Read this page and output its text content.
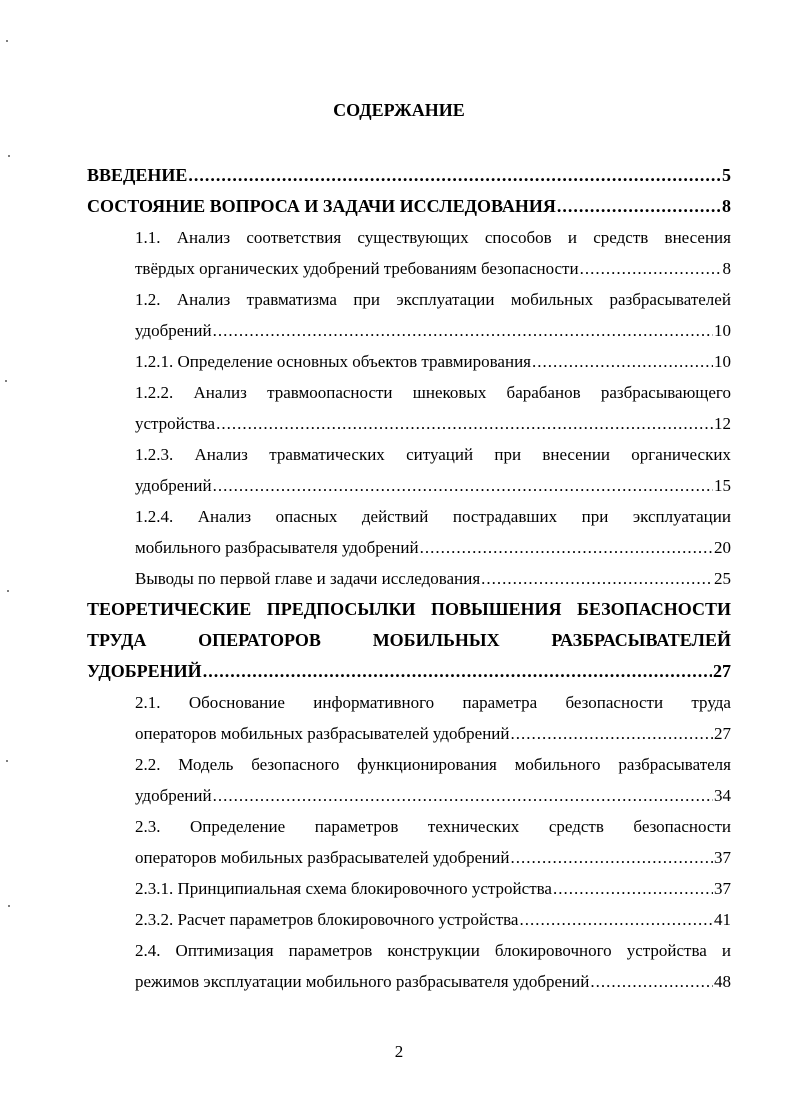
СОДЕРЖАНИЕ
ВВЕДЕНИЕ .....	5
СОСТОЯНИЕ ВОПРОСА И ЗАДАЧИ ИССЛЕДОВАНИЯ .....	8
1.1. Анализ соответствия существующих способов и средств внесения
твёрдых органических удобрений требованиям безопасности .....	8
1.2. Анализ травматизма при эксплуатации мобильных разбрасывателей
удобрений .....	10
1.2.1. Определение основных объектов травмирования .....	10
1.2.2. Анализ травмоопасности шнековых барабанов разбрасывающего
устройства .....	12
1.2.3. Анализ травматических ситуаций при внесении органических
удобрений .....	15
1.2.4. Анализ опасных действий пострадавших при эксплуатации
мобильного разбрасывателя удобрений .....	20
Выводы по первой главе и задачи исследования .....	25
ТЕОРЕТИЧЕСКИЕ ПРЕДПОСЫЛКИ ПОВЫШЕНИЯ БЕЗОПАСНОСТИ
ТРУДА	ОПЕРАТОРОВ	МОБИЛЬНЫХ	РАЗБРАСЫВАТЕЛЕЙ
УДОБРЕНИЙ .....	27
2.1. Обоснование информативного параметра безопасности труда
операторов мобильных разбрасывателей удобрений .....	27
2.2. Модель безопасного функционирования мобильного разбрасывателя
удобрений .....	34
2.3. Определение параметров технических средств безопасности
операторов мобильных разбрасывателей удобрений .....	37
2.3.1. Принципиальная схема блокировочного устройства .....	37
2.3.2. Расчет параметров блокировочного устройства .....	41
2.4. Оптимизация параметров конструкции блокировочного устройства и
режимов эксплуатации мобильного разбрасывателя удобрений .....	48
2
